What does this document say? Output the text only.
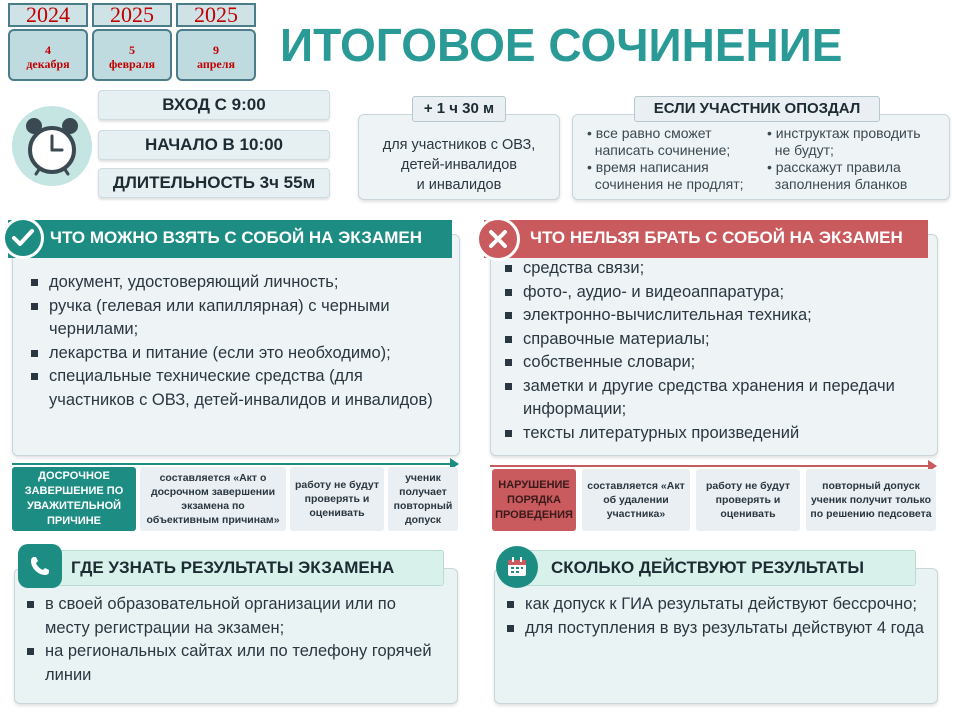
2024	2025	2025
4
декабря
5
февраля
9
апреля ИТОГОВОЕ СОЧИНЕНИЕ
ВХОД С 9:00
НАЧАЛО В 10:00
ДЛИТЕЛЬНОСТЬ 3ч 55м
для участников с ОВЗ,
детей-инвалидов
и инвалидов
+ 1 ч 30 м
• все равно сможет
написать сочинение;
• время написания
сочинения не продлят;
• инструктаж проводить
не будут;
• расскажут правила
заполнения бланков
ЕСЛИ УЧАСТНИК ОПОЗДАЛ
документ, удостоверяющий личность;
ручка (гелевая или капиллярная) с черными чернилами;
лекарства и питание (если это необходимо);
специальные технические средства (для участников с ОВЗ, детей-инвалидов и инвалидов)
ЧТО МОЖНО ВЗЯТЬ С СОБОЙ НА ЭКЗАМЕН
средства связи;
фото-, аудио- и видеоаппаратура;
электронно-вычислительная техника;
справочные материалы;
собственные словари;
заметки и другие средства хранения и передачи информации;
тексты литературных произведений
ЧТО НЕЛЬЗЯ БРАТЬ С СОБОЙ НА ЭКЗАМЕН
ДОСРОЧНОЕ ЗАВЕРШЕНИЕ ПО УВАЖИТЕЛЬНОЙ ПРИЧИНЕ
составляется «Акт о досрочном завершении экзамена по объективным причинам»
работу не будут проверять и оценивать
ученик получает повторный допуск
НАРУШЕНИЕ ПОРЯДКА ПРОВЕДЕНИЯ
составляется «Акт об удалении участника»
работу не будут проверять и оценивать
повторный допуск ученик получит только по решению педсовета
в своей образовательной организации или по месту регистрации на экзамен;
на региональных сайтах или по телефону горячей линии
ГДЕ УЗНАТЬ РЕЗУЛЬТАТЫ ЭКЗАМЕНА
как допуск к ГИА результаты действуют бессрочно;
для поступления в вуз результаты действуют 4 года
СКОЛЬКО ДЕЙСТВУЮТ РЕЗУЛЬТАТЫ
